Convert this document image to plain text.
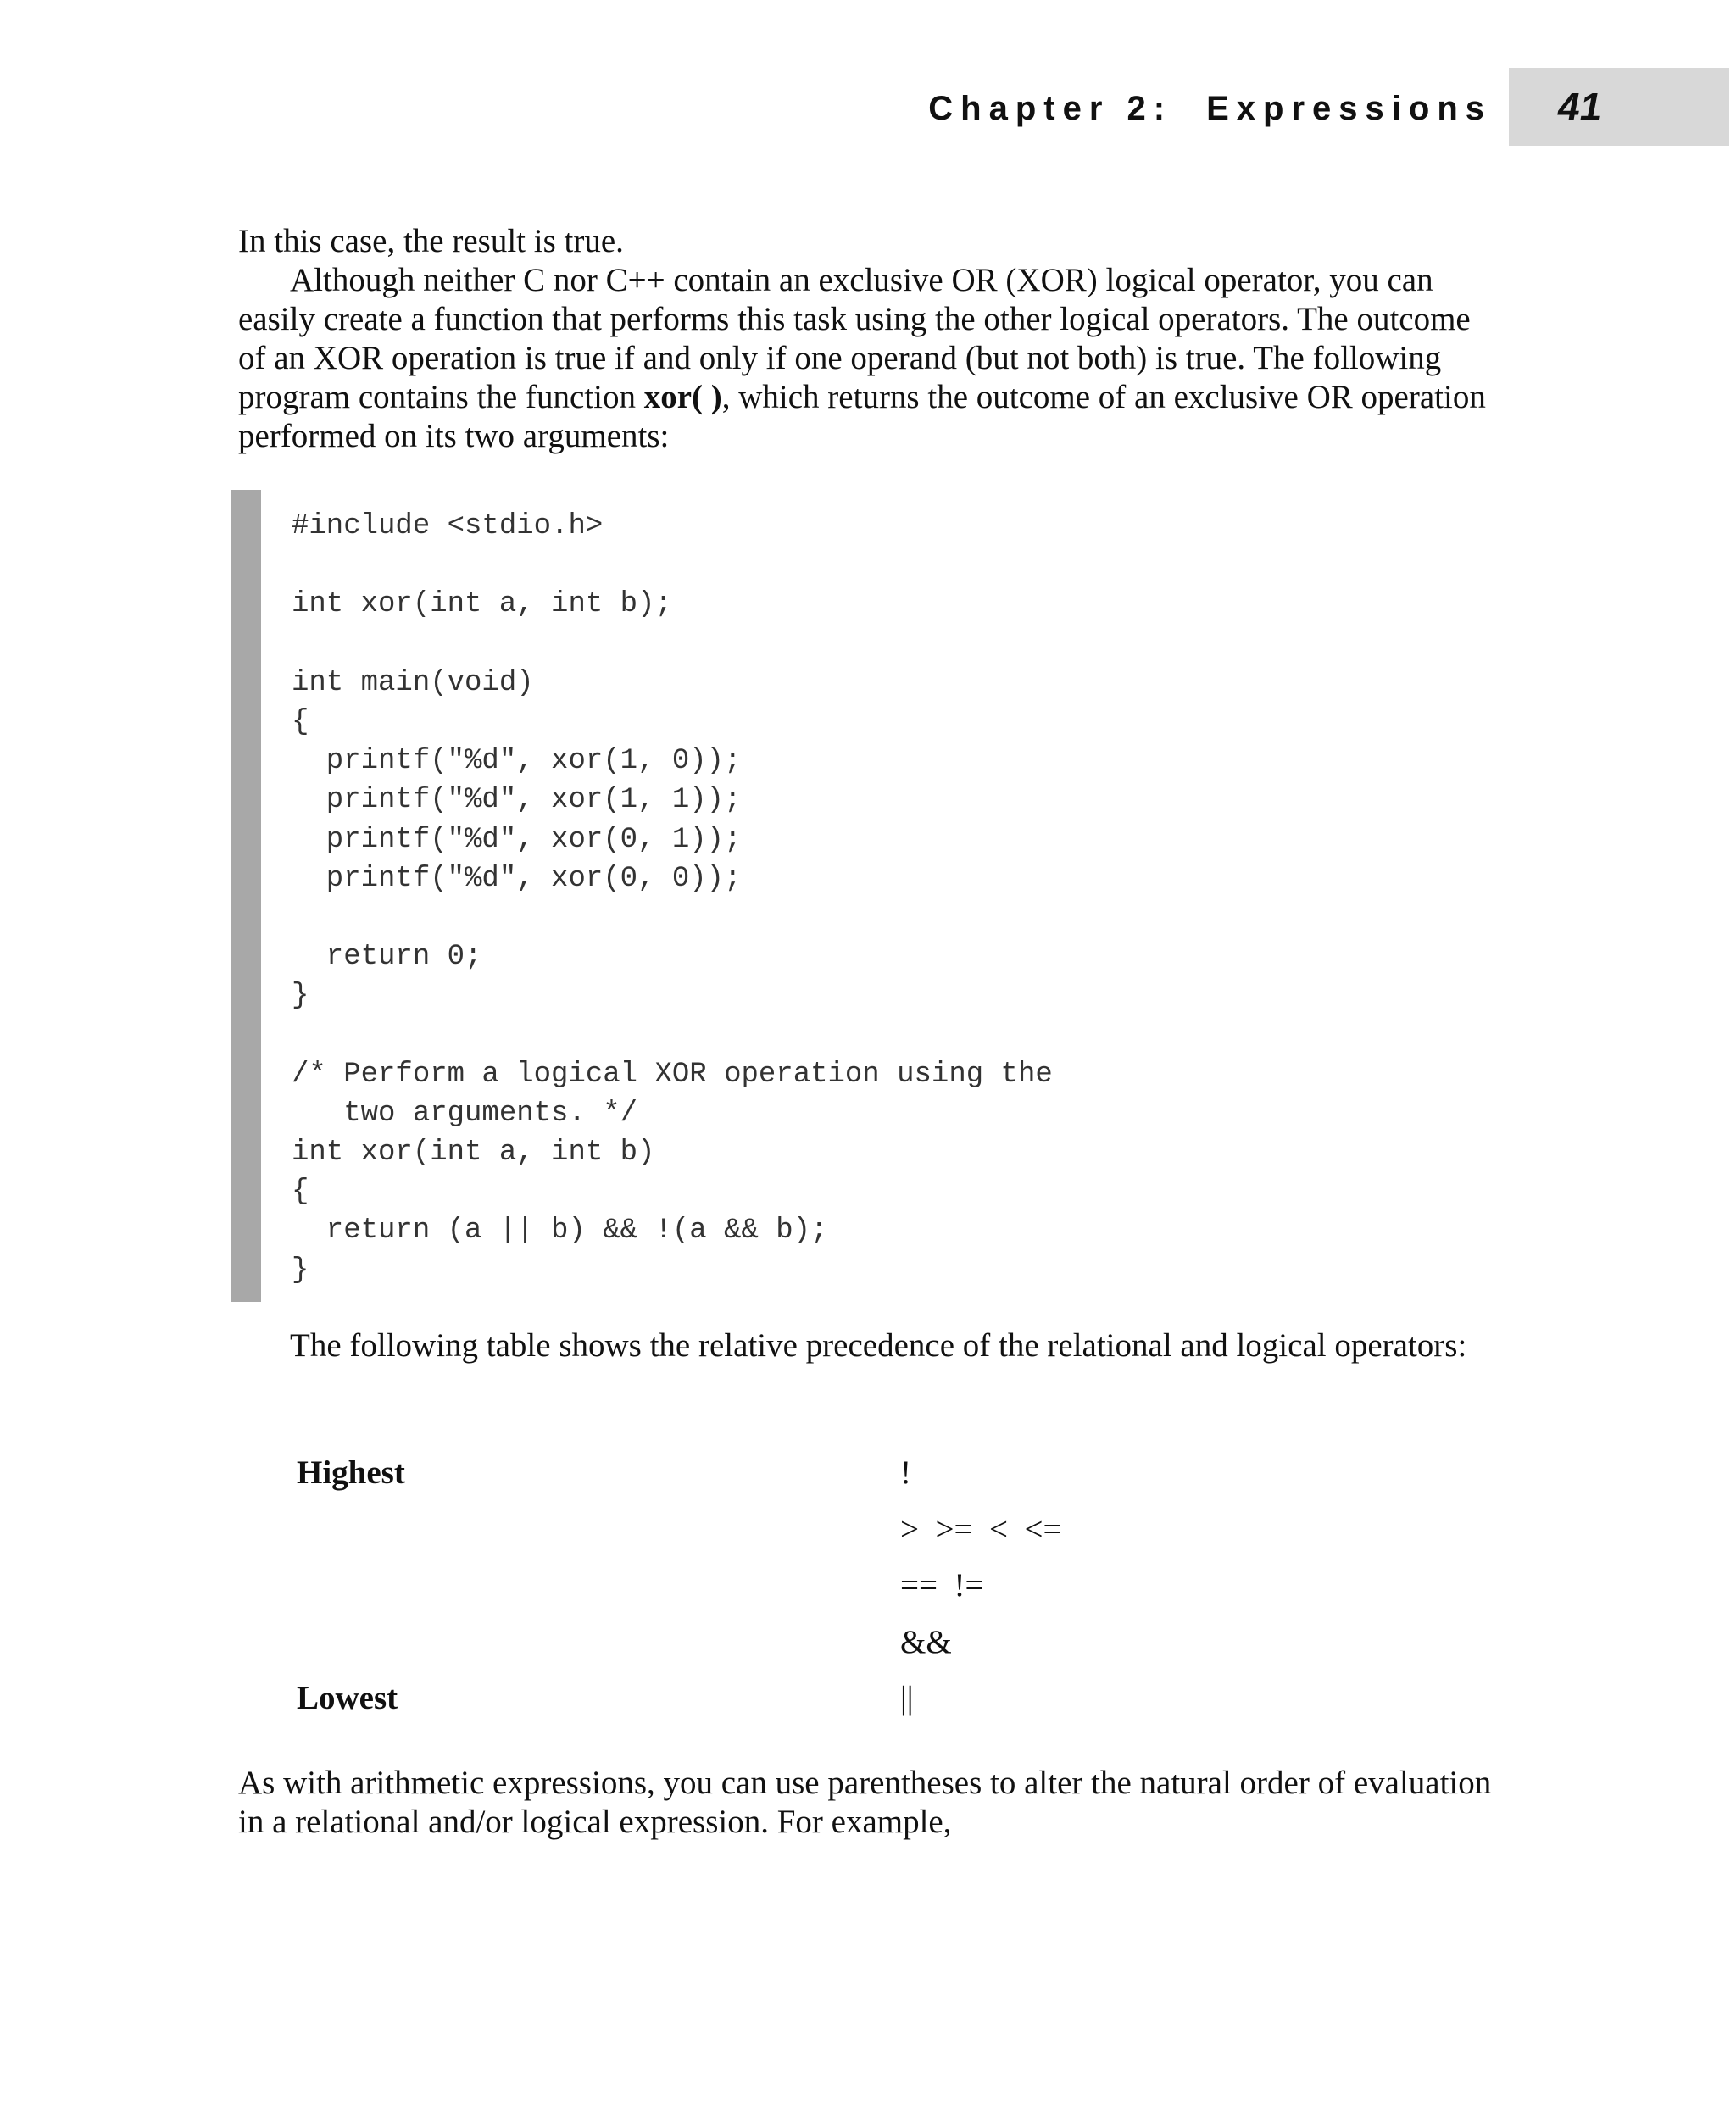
Chapter 2: Expressions 41

In this case, the result is true.

Although neither C nor C++ contain an exclusive OR (XOR) logical operator, you can easily create a function that performs this task using the other logical operators. The outcome of an XOR operation is true if and only if one operand (but not both) is true. The following program contains the function xor( ), which returns the outcome of an exclusive OR operation performed on its two arguments:

#include <stdio.h>
int xor(int a, int b);
int main(void)
{
printf("%d", xor(1, 0));
printf("%d", xor(1, 1));
printf("%d", xor(0, 1));
printf("%d", xor(0, 0));
return 0;
}
/* Perform a logical XOR operation using the
two arguments. */
int xor(int a, int b)
{
return (a || b) && !(a && b);
}

The following table shows the relative precedence of the relational and logical operators:

Highest
Lowest
!
>  >=  <  <=
==  !=
&&
||

As with arithmetic expressions, you can use parentheses to alter the natural order of evaluation in a relational and/or logical expression. For example,
